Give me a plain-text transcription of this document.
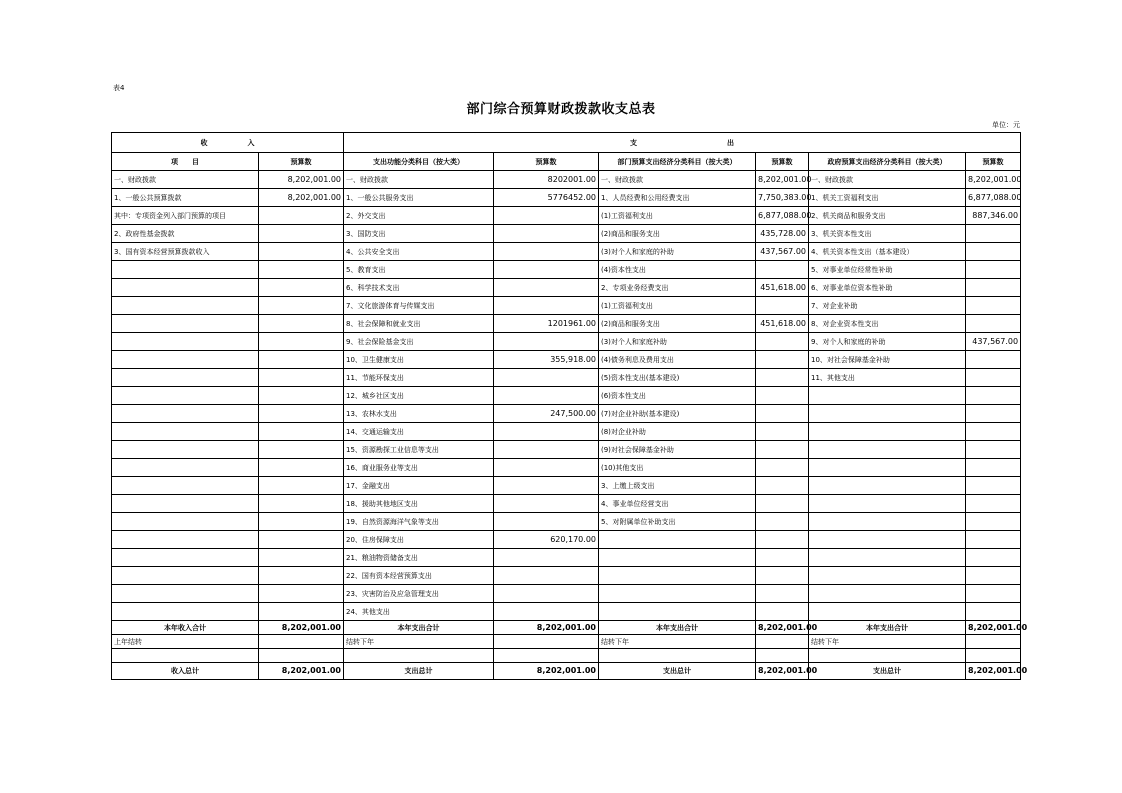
表4
部门综合预算财政拨款收支总表
单位：元
收 入		支 出					

项　　目	预算数	支出功能分类科目（按大类）	预算数	部门预算支出经济分类科目（按大类）	预算数	政府预算支出经济分类科目（按大类）	预算数
一、财政拨款	8,202,001.00	一、财政拨款	8202001.00	一、财政拨款	8,202,001.00	一、财政拨款	8,202,001.00
1、一般公共预算拨款	8,202,001.00	1、一般公共服务支出	5776452.00	1、人员经费和公用经费支出	7,750,383.00	1、机关工资福利支出	6,877,088.00
其中：专项资金列入部门预算的项目		2、外交支出		(1)工资福利支出	6,877,088.00	2、机关商品和服务支出	887,346.00
2、政府性基金拨款		3、国防支出		(2)商品和服务支出	435,728.00	3、机关资本性支出	
3、国有资本经营预算拨款收入		4、公共安全支出		(3)对个人和家庭的补助	437,567.00	4、机关资本性支出（基本建设）	
		5、教育支出		(4)资本性支出		5、对事业单位经常性补助	
		6、科学技术支出		2、专项业务经费支出	451,618.00	6、对事业单位资本性补助	
		7、文化旅游体育与传媒支出		(1)工资福利支出		7、对企业补助	
		8、社会保障和就业支出	1201961.00	(2)商品和服务支出	451,618.00	8、对企业资本性支出	
		9、社会保险基金支出		(3)对个人和家庭补助		9、对个人和家庭的补助	437,567.00
		10、卫生健康支出	355,918.00	(4)债务利息及费用支出		10、对社会保障基金补助	
		11、节能环保支出		(5)资本性支出(基本建设)		11、其他支出	
		12、城乡社区支出		(6)资本性支出			
		13、农林水支出	247,500.00	(7)对企业补助(基本建设)			
		14、交通运输支出		(8)对企业补助			
		15、资源勘探工业信息等支出		(9)对社会保障基金补助			
		16、商业服务业等支出		(10)其他支出			
		17、金融支出		3、上缴上级支出			
		18、援助其他地区支出		4、事业单位经营支出			
		19、自然资源海洋气象等支出		5、对附属单位补助支出			
		20、住房保障支出	620,170.00				
		21、粮油物资储备支出					
		22、国有资本经营预算支出					
		23、灾害防治及应急管理支出					
		24、其他支出					
本年收入合计	8,202,001.00	本年支出合计	8,202,001.00	本年支出合计	8,202,001.00	本年支出合计	8,202,001.00
上年结转		结转下年		结转下年		结转下年	

收入总计	8,202,001.00	支出总计	8,202,001.00	支出总计	8,202,001.00	支出总计	8,202,001.00
